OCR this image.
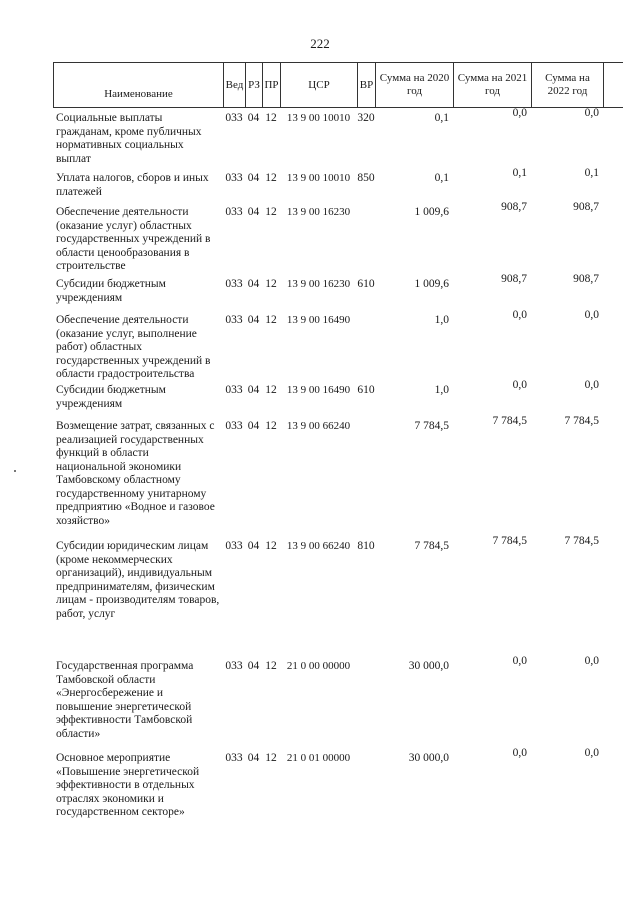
222
Наименование
Вед РЗ ПР	ЦСР	ВР
Сумма на 2020 год
Сумма на 2021 год
Сумма на 2022 год
Социальные выплаты гражданам, кроме публичных нормативных социальных выплат
033 04 12 13 9 00 10010 320	0,1	0,0	0,0
Уплата налогов, сборов и иных платежей
033 04 12 13 9 00 10010 850	0,1	0,1	0,1
Обеспечение деятельности (оказание услуг) областных государственных учреждений в области ценообразования в строительстве
033 04 12 13 9 00 16230	1 009,6	908,7	908,7
Субсидии бюджетным учреждениям
033 04 12 13 9 00 16230 610	1 009,6	908,7	908,7
Обеспечение деятельности (оказание услуг, выполнение работ) областных государственных учреждений в области градостроительства
033 04 12 13 9 00 16490	1,0	0,0	0,0
Субсидии бюджетным учреждениям
033 04 12 13 9 00 16490 610	1,0	0,0	0,0
Возмещение затрат, связанных с реализацией государственных функций в области национальной экономики Тамбовскому областному государственному унитарному предприятию «Водное и газовое хозяйство»
033 04 12 13 9 00 66240	7 784,5	7 784,5	7 784,5
Субсидии юридическим лицам (кроме некоммерческих организаций), индивидуальным предпринимателям, физическим лицам - производителям товаров, работ, услуг
033 04 12 13 9 00 66240 810	7 784,5	7 784,5	7 784,5
Государственная программа Тамбовской области «Энергосбережение и повышение энергетической эффективности Тамбовской области»
033 04 12 21 0 00 00000	30 000,0	0,0	0,0
Основное мероприятие «Повышение энергетической эффективности в отдельных отраслях экономики и государственном секторе»
033 04 12 21 0 01 00000	30 000,0	0,0	0,0
